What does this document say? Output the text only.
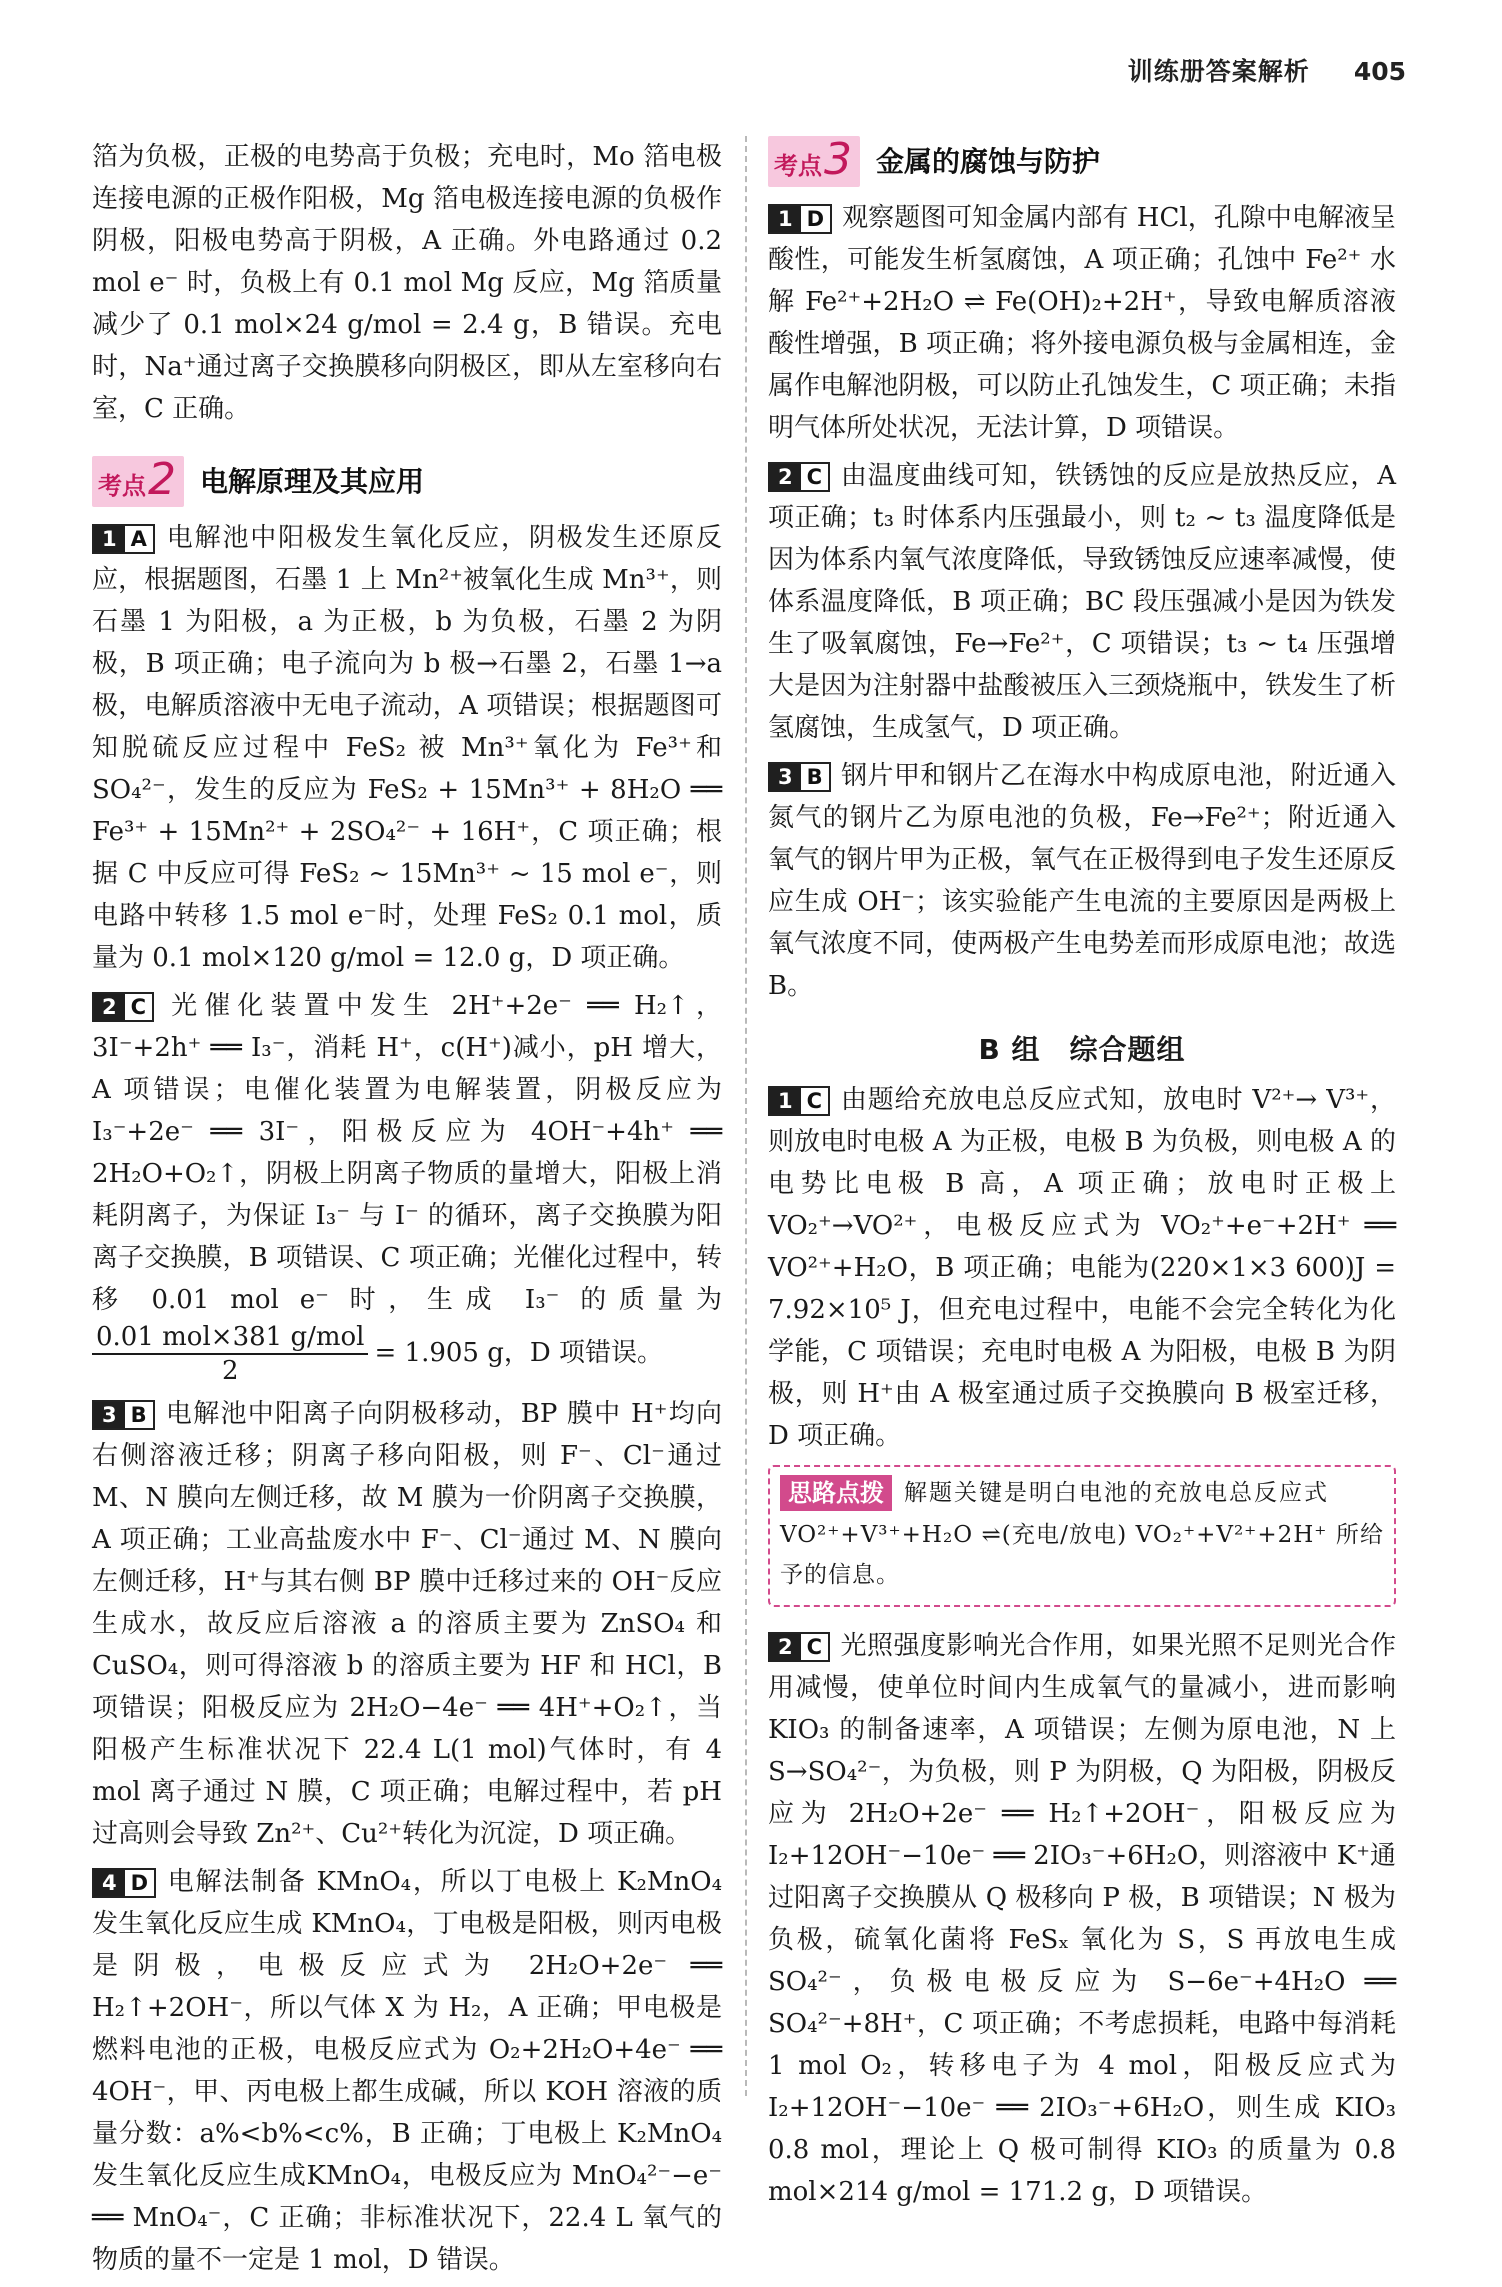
训练册答案解析 405

箔为负极，正极的电势高于负极；充电时，Mo 箔电极连接电源的正极作阳极，Mg 箔电极连接电源的负极作阴极，阳极电势高于阴极，A 正确。外电路通过 0.2 mol e⁻ 时，负极上有 0.1 mol Mg 反应，Mg 箔质量减少了 0.1 mol×24 g/mol = 2.4 g，B 错误。充电时，Na⁺通过离子交换膜移向阴极区，即从左室移向右室，C 正确。

考点 2 电解原理及其应用

1 A 电解池中阳极发生氧化反应，阴极发生还原反应，根据题图，石墨 1 上 Mn²⁺被氧化生成 Mn³⁺，则石墨 1 为阳极，a 为正极，b 为负极，石墨 2 为阴极，B 项正确；电子流向为 b 极→石墨 2，石墨 1→a 极，电解质溶液中无电子流动，A 项错误；根据题图可知脱硫反应过程中 FeS₂ 被 Mn³⁺氧化为 Fe³⁺和 SO₄²⁻，发生的反应为 FeS₂ + 15Mn³⁺ + 8H₂O ══ Fe³⁺ + 15Mn²⁺ + 2SO₄²⁻ + 16H⁺，C 项正确；根据 C 中反应可得 FeS₂ ~ 15Mn³⁺ ~ 15 mol e⁻，则电路中转移 1.5 mol e⁻时，处理 FeS₂ 0.1 mol，质量为 0.1 mol×120 g/mol = 12.0 g，D 项正确。

2 C 光催化装置中发生 2H⁺+2e⁻ ══ H₂↑，3I⁻+2h⁺ ══ I₃⁻，消耗 H⁺，c(H⁺)减小，pH 增大，A 项错误；电催化装置为电解装置，阴极反应为 I₃⁻+2e⁻ ══ 3I⁻，阳极反应为 4OH⁻+4h⁺ ══ 2H₂O+O₂↑，阴极上阴离子物质的量增大，阳极上消耗阴离子，为保证 I₃⁻ 与 I⁻ 的循环，离子交换膜为阳离子交换膜，B 项错误、C 项正确；光催化过程中，转移 0.01 mol e⁻ 时，生成 I₃⁻ 的质量为
$\frac{\text{0.01 mol×381 g/mol}}{2} = 1.905$ g，D 项错误。

3 B 电解池中阳离子向阴极移动，BP 膜中 H⁺均向右侧溶液迁移；阴离子移向阳极，则 F⁻、Cl⁻通过 M、N 膜向左侧迁移，故 M 膜为一价阴离子交换膜，A 项正确；工业高盐废水中 F⁻、Cl⁻通过 M、N 膜向左侧迁移，H⁺与其右侧 BP 膜中迁移过来的 OH⁻反应生成水，故反应后溶液 a 的溶质主要为 ZnSO₄ 和 CuSO₄，则可得溶液 b 的溶质主要为 HF 和 HCl，B 项错误；阳极反应为 2H₂O−4e⁻ ══ 4H⁺+O₂↑，当阳极产生标准状况下 22.4 L(1 mol)气体时，有 4 mol 离子通过 N 膜，C 项正确；电解过程中，若 pH 过高则会导致 Zn²⁺、Cu²⁺转化为沉淀，D 项正确。

4 D 电解法制备 KMnO₄，所以丁电极上 K₂MnO₄ 发生氧化反应生成 KMnO₄，丁电极是阳极，则丙电极是阴极，电极反应式为 2H₂O+2e⁻ ══ H₂↑+2OH⁻，所以气体 X 为 H₂，A 正确；甲电极是燃料电池的正极，电极反应式为 O₂+2H₂O+4e⁻ ══ 4OH⁻，甲、丙电极上都生成碱，所以 KOH 溶液的质量分数：a%<b%<c%，B 正确；丁电极上 K₂MnO₄ 发生氧化反应生成KMnO₄，电极反应为 MnO₄²⁻−e⁻ ══ MnO₄⁻，C 正确；非标准状况下，22.4 L 氧气的物质的量不一定是 1 mol，D 错误。

考点 3 金属的腐蚀与防护

1 D 观察题图可知金属内部有 HCl，孔隙中电解液呈酸性，可能发生析氢腐蚀，A 项正确；孔蚀中 Fe²⁺ 水解 Fe²⁺+2H₂O ⇌ Fe(OH)₂+2H⁺，导致电解质溶液酸性增强，B 项正确；将外接电源负极与金属相连，金属作电解池阴极，可以防止孔蚀发生，C 项正确；未指明气体所处状况，无法计算，D 项错误。

2 C 由温度曲线可知，铁锈蚀的反应是放热反应，A 项正确；t₃ 时体系内压强最小，则 t₂ ~ t₃ 温度降低是因为体系内氧气浓度降低，导致锈蚀反应速率减慢，使体系温度降低，B 项正确；BC 段压强减小是因为铁发生了吸氧腐蚀，Fe→Fe²⁺，C 项错误；t₃ ~ t₄ 压强增大是因为注射器中盐酸被压入三颈烧瓶中，铁发生了析氢腐蚀，生成氢气，D 项正确。

3 B 钢片甲和钢片乙在海水中构成原电池，附近通入氮气的钢片乙为原电池的负极，Fe→Fe²⁺；附近通入氧气的钢片甲为正极，氧气在正极得到电子发生还原反应生成 OH⁻；该实验能产生电流的主要原因是两极上氧气浓度不同，使两极产生电势差而形成原电池；故选 B。

B 组　综合题组

1 C 由题给充放电总反应式知，放电时 V²⁺→ V³⁺，则放电时电极 A 为正极，电极 B 为负极，则电极 A 的电势比电极 B 高，A 项正确；放电时正极上 VO₂⁺→VO²⁺，电极反应式为 VO₂⁺+e⁻+2H⁺ ══ VO²⁺+H₂O，B 项正确；电能为(220×1×3 600)J = 7.92×10⁵ J，但充电过程中，电能不会完全转化为化学能，C 项错误；充电时电极 A 为阳极，电极 B 为阴极，则 H⁺由 A 极室通过质子交换膜向 B 极室迁移，D 项正确。

思路点拨 解题关键是明白电池的充放电总反应式
VO²⁺+V³⁺+H₂O ⇌(充电/放电) VO₂⁺+V²⁺+2H⁺ 所给予的信息。

2 C 光照强度影响光合作用，如果光照不足则光合作用减慢，使单位时间内生成氧气的量减小，进而影响 KIO₃ 的制备速率，A 项错误；左侧为原电池，N 上 S→SO₄²⁻，为负极，则 P 为阴极，Q 为阳极，阴极反应为 2H₂O+2e⁻ ══ H₂↑+2OH⁻，阳极反应为 I₂+12OH⁻−10e⁻ ══ 2IO₃⁻+6H₂O，则溶液中 K⁺通过阳离子交换膜从 Q 极移向 P 极，B 项错误；N 极为负极，硫氧化菌将 FeSₓ 氧化为 S，S 再放电生成 SO₄²⁻，负极电极反应为 S−6e⁻+4H₂O ══ SO₄²⁻+8H⁺，C 项正确；不考虑损耗，电路中每消耗 1 mol O₂，转移电子为 4 mol，阳极反应式为 I₂+12OH⁻−10e⁻ ══ 2IO₃⁻+6H₂O，则生成 KIO₃ 0.8 mol，理论上 Q 极可制得 KIO₃ 的质量为 0.8 mol×214 g/mol = 171.2 g，D 项错误。
